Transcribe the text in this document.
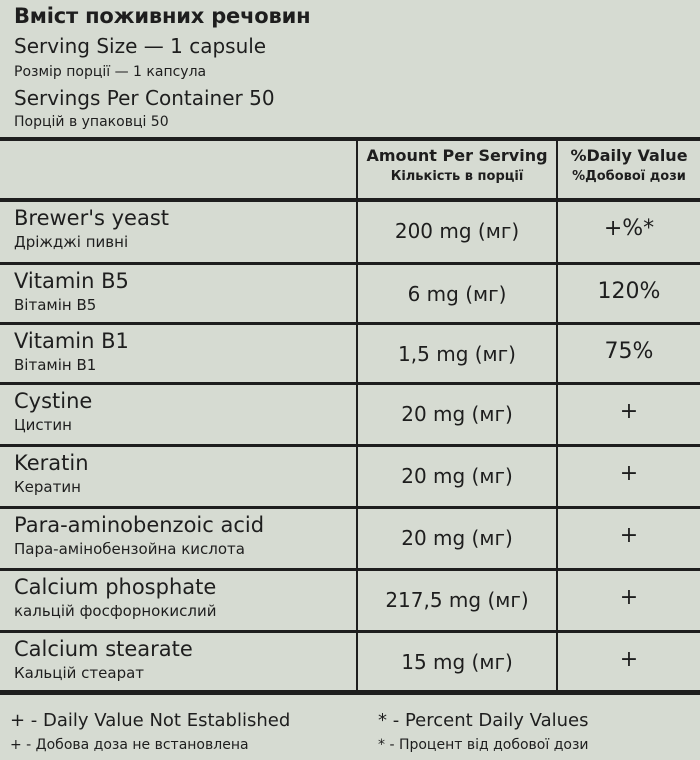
Вміст поживних речовин
Serving Size — 1 capsule
Розмір порції — 1 капсула
Servings Per Container 50
Порцій в упаковці 50
Amount Per Serving
Кількість в порції
%Daily Value
%Добової дози
Brewer's yeast
Дріжджі пивні	200 mg (мг)	+%*
Vitamin B5
Вітамін В5	6 mg (мг)	120%
Vitamin B1
Вітамін В1	1,5 mg (мг)	75%
Cystine
Цистин	20 mg (мг)	+
Keratin
Кератин	20 mg (мг)	+
Para-aminobenzoic acid
Пара-амінобензойна кислота	20 mg (мг)	+
Calcium phosphate
кальцій фосфорнокислий	217,5 mg (мг)	+
Calcium stearate
Кальцій стеарат	15 mg (мг)	+
+ - Daily Value Not Established
+ - Добова доза не встановлена
* - Percent Daily Values
* - Процент від добової дози
